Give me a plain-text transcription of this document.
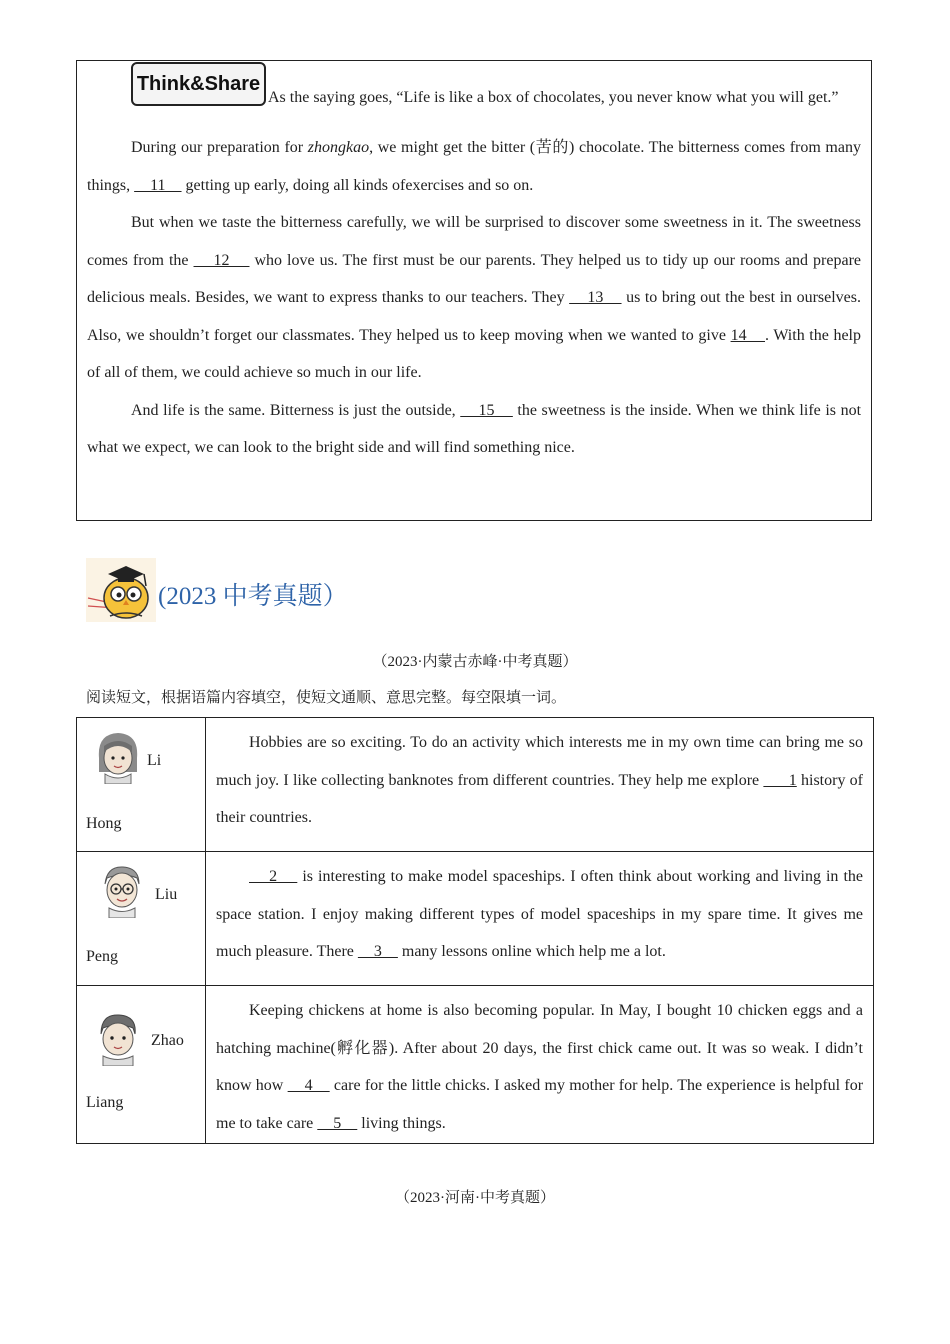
Think&ShareAs the saying goes, “Life is like a box of chocolates, you never know what you will get.”

During our preparation for zhongkao, we might get the bitter (苦的) chocolate. The bitterness comes from many things,     11     getting up early, doing all kinds ofexercises and so on.

But when we taste the bitterness carefully, we will be surprised to discover some sweetness in it. The sweetness comes from the     12     who love us. The first must be our parents. They helped us to tidy up our rooms and prepare delicious meals. Besides, we want to express thanks to our teachers. They     13     us to bring out the best in ourselves. Also, we shouldn’t forget our classmates. They helped us to keep moving when we wanted to give 14    . With the help of all of them, we could achieve so much in our life.

And life is the same. Bitterness is just the outside,     15     the sweetness is the inside. When we think life is not what we expect, we can look to the bright side and will find something nice.

(2023 中考真题）
（2023·内蒙古赤峰·中考真题）
阅读短文，根据语篇内容填空，使短文通顺、意思完整。每空限填一词。
Li
Hong	Hobbies are so exciting. To do an activity which interests me in my own time can bring me so much joy. I like collecting banknotes from different countries. They help me explore       1 history of their countries.

Liu
Peng	2     is interesting to make model spaceships. I often think about working and living in the space station. I enjoy making different types of model spaceships in my spare time. It gives me much pleasure. There     3     many lessons online which help me a lot.

Zhao
Liang	Keeping chickens at home is also becoming popular. In May, I bought 10 chicken eggs and a hatching machine(孵化器). After about 20 days, the first chick came out. It was so weak. I didn’t know how     4     care for the little chicks. I asked my mother for help. The experience is helpful for me to take care     5     living things.

（2023·河南·中考真题）
